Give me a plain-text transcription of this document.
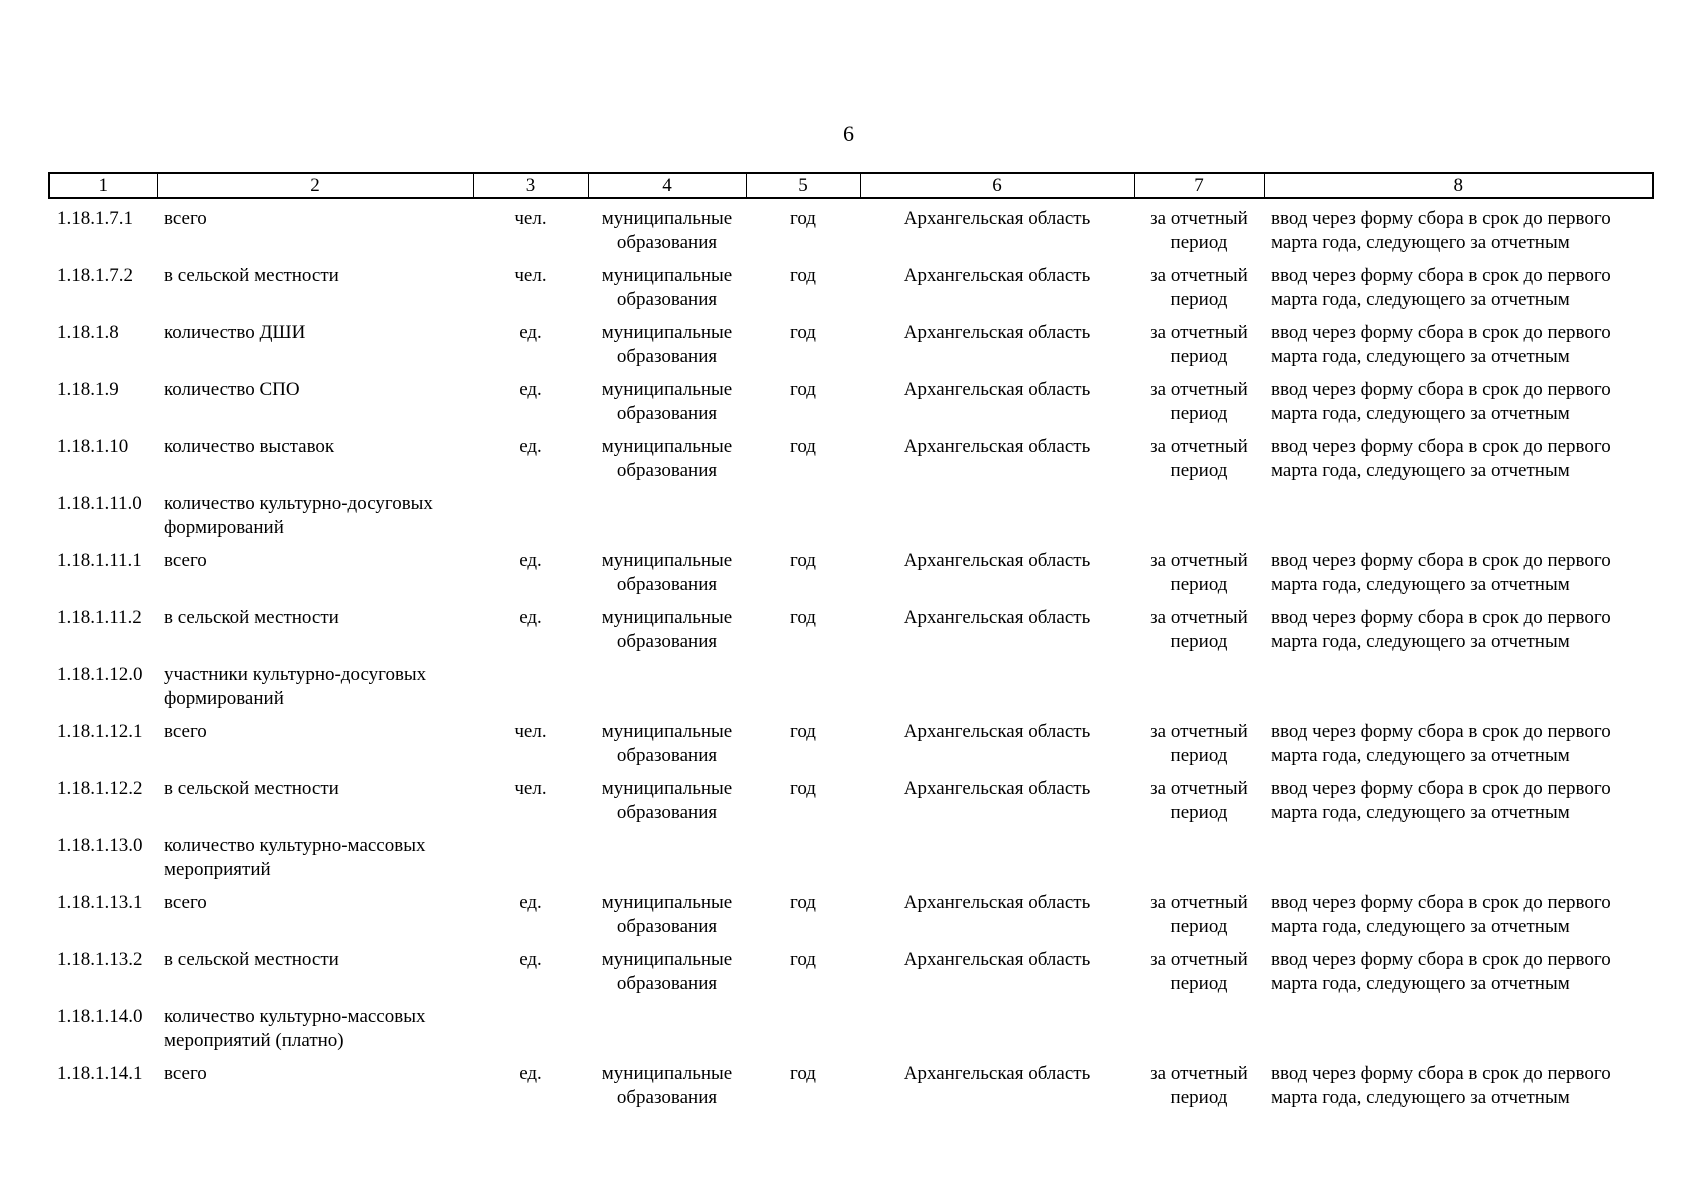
6
1	2	3	4	5	6	7	8
1.18.1.7.1	всего	чел.	муниципальные образования	год	Архангельская область	за отчетный период	ввод через форму сбора в срок до первого марта года, следующего за отчетным
1.18.1.7.2	в сельской местности	чел.	муниципальные образования	год	Архангельская область	за отчетный период	ввод через форму сбора в срок до первого марта года, следующего за отчетным
1.18.1.8	количество ДШИ	ед.	муниципальные образования	год	Архангельская область	за отчетный период	ввод через форму сбора в срок до первого марта года, следующего за отчетным
1.18.1.9	количество СПО	ед.	муниципальные образования	год	Архангельская область	за отчетный период	ввод через форму сбора в срок до первого марта года, следующего за отчетным
1.18.1.10	количество выставок	ед.	муниципальные образования	год	Архангельская область	за отчетный период	ввод через форму сбора в срок до первого марта года, следующего за отчетным
1.18.1.11.0	количество культурно-досуговых формирований						
1.18.1.11.1	всего	ед.	муниципальные образования	год	Архангельская область	за отчетный период	ввод через форму сбора в срок до первого марта года, следующего за отчетным
1.18.1.11.2	в сельской местности	ед.	муниципальные образования	год	Архангельская область	за отчетный период	ввод через форму сбора в срок до первого марта года, следующего за отчетным
1.18.1.12.0	участники культурно-досуговых формирований						
1.18.1.12.1	всего	чел.	муниципальные образования	год	Архангельская область	за отчетный период	ввод через форму сбора в срок до первого марта года, следующего за отчетным
1.18.1.12.2	в сельской местности	чел.	муниципальные образования	год	Архангельская область	за отчетный период	ввод через форму сбора в срок до первого марта года, следующего за отчетным
1.18.1.13.0	количество культурно-массовых мероприятий						
1.18.1.13.1	всего	ед.	муниципальные образования	год	Архангельская область	за отчетный период	ввод через форму сбора в срок до первого марта года, следующего за отчетным
1.18.1.13.2	в сельской местности	ед.	муниципальные образования	год	Архангельская область	за отчетный период	ввод через форму сбора в срок до первого марта года, следующего за отчетным
1.18.1.14.0	количество культурно-массовых мероприятий (платно)						
1.18.1.14.1	всего	ед.	муниципальные образования	год	Архангельская область	за отчетный период	ввод через форму сбора в срок до первого марта года, следующего за отчетным
